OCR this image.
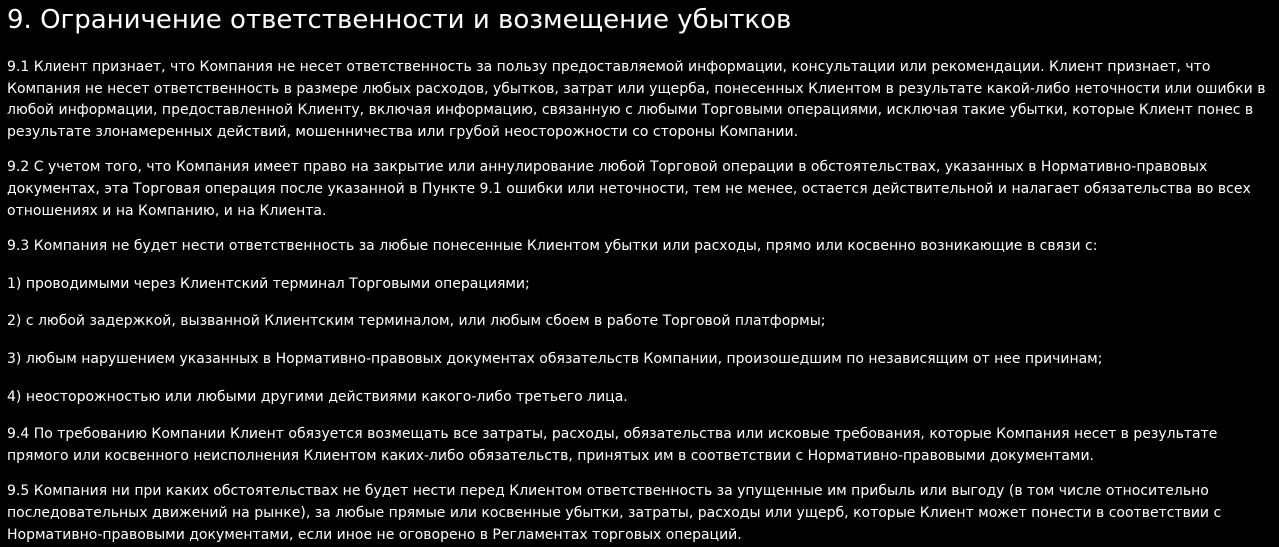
9. Ограничение ответственности и возмещение убытков

9.1 Клиент признает, что Компания не несет ответственность за пользу предоставляемой информации, консультации или рекомендации. Клиент признает, что Компания не несет ответственность в размере любых расходов, убытков, затрат или ущерба, понесенных Клиентом в результате какой-либо неточности или ошибки в любой информации, предоставленной Клиенту, включая информацию, связанную с любыми Торговыми операциями, исключая такие убытки, которые Клиент понес в результате злонамеренных действий, мошенничества или грубой неосторожности со стороны Компании.

9.2 С учетом того, что Компания имеет право на закрытие или аннулирование любой Торговой операции в обстоятельствах, указанных в Нормативно-правовых документах, эта Торговая операция после указанной в Пункте 9.1 ошибки или неточности, тем не менее, остается действительной и налагает обязательства во всех отношениях и на Компанию, и на Клиента.

9.3 Компания не будет нести ответственность за любые понесенные Клиентом убытки или расходы, прямо или косвенно возникающие в связи с:

1) проводимыми через Клиентский терминал Торговыми операциями;

2) с любой задержкой, вызванной Клиентским терминалом, или любым сбоем в работе Торговой платформы;

3) любым нарушением указанных в Нормативно-правовых документах обязательств Компании, произошедшим по независящим от нее причинам;

4) неосторожностью или любыми другими действиями какого-либо третьего лица.

9.4 По требованию Компании Клиент обязуется возмещать все затраты, расходы, обязательства или исковые требования, которые Компания несет в результате прямого или косвенного неисполнения Клиентом каких-либо обязательств, принятых им в соответствии с Нормативно-правовыми документами.

9.5 Компания ни при каких обстоятельствах не будет нести перед Клиентом ответственность за упущенные им прибыль или выгоду (в том числе относительно последовательных движений на рынке), за любые прямые или косвенные убытки, затраты, расходы или ущерб, которые Клиент может понести в соответствии с Нормативно-правовыми документами, если иное не оговорено в Регламентах торговых операций.
